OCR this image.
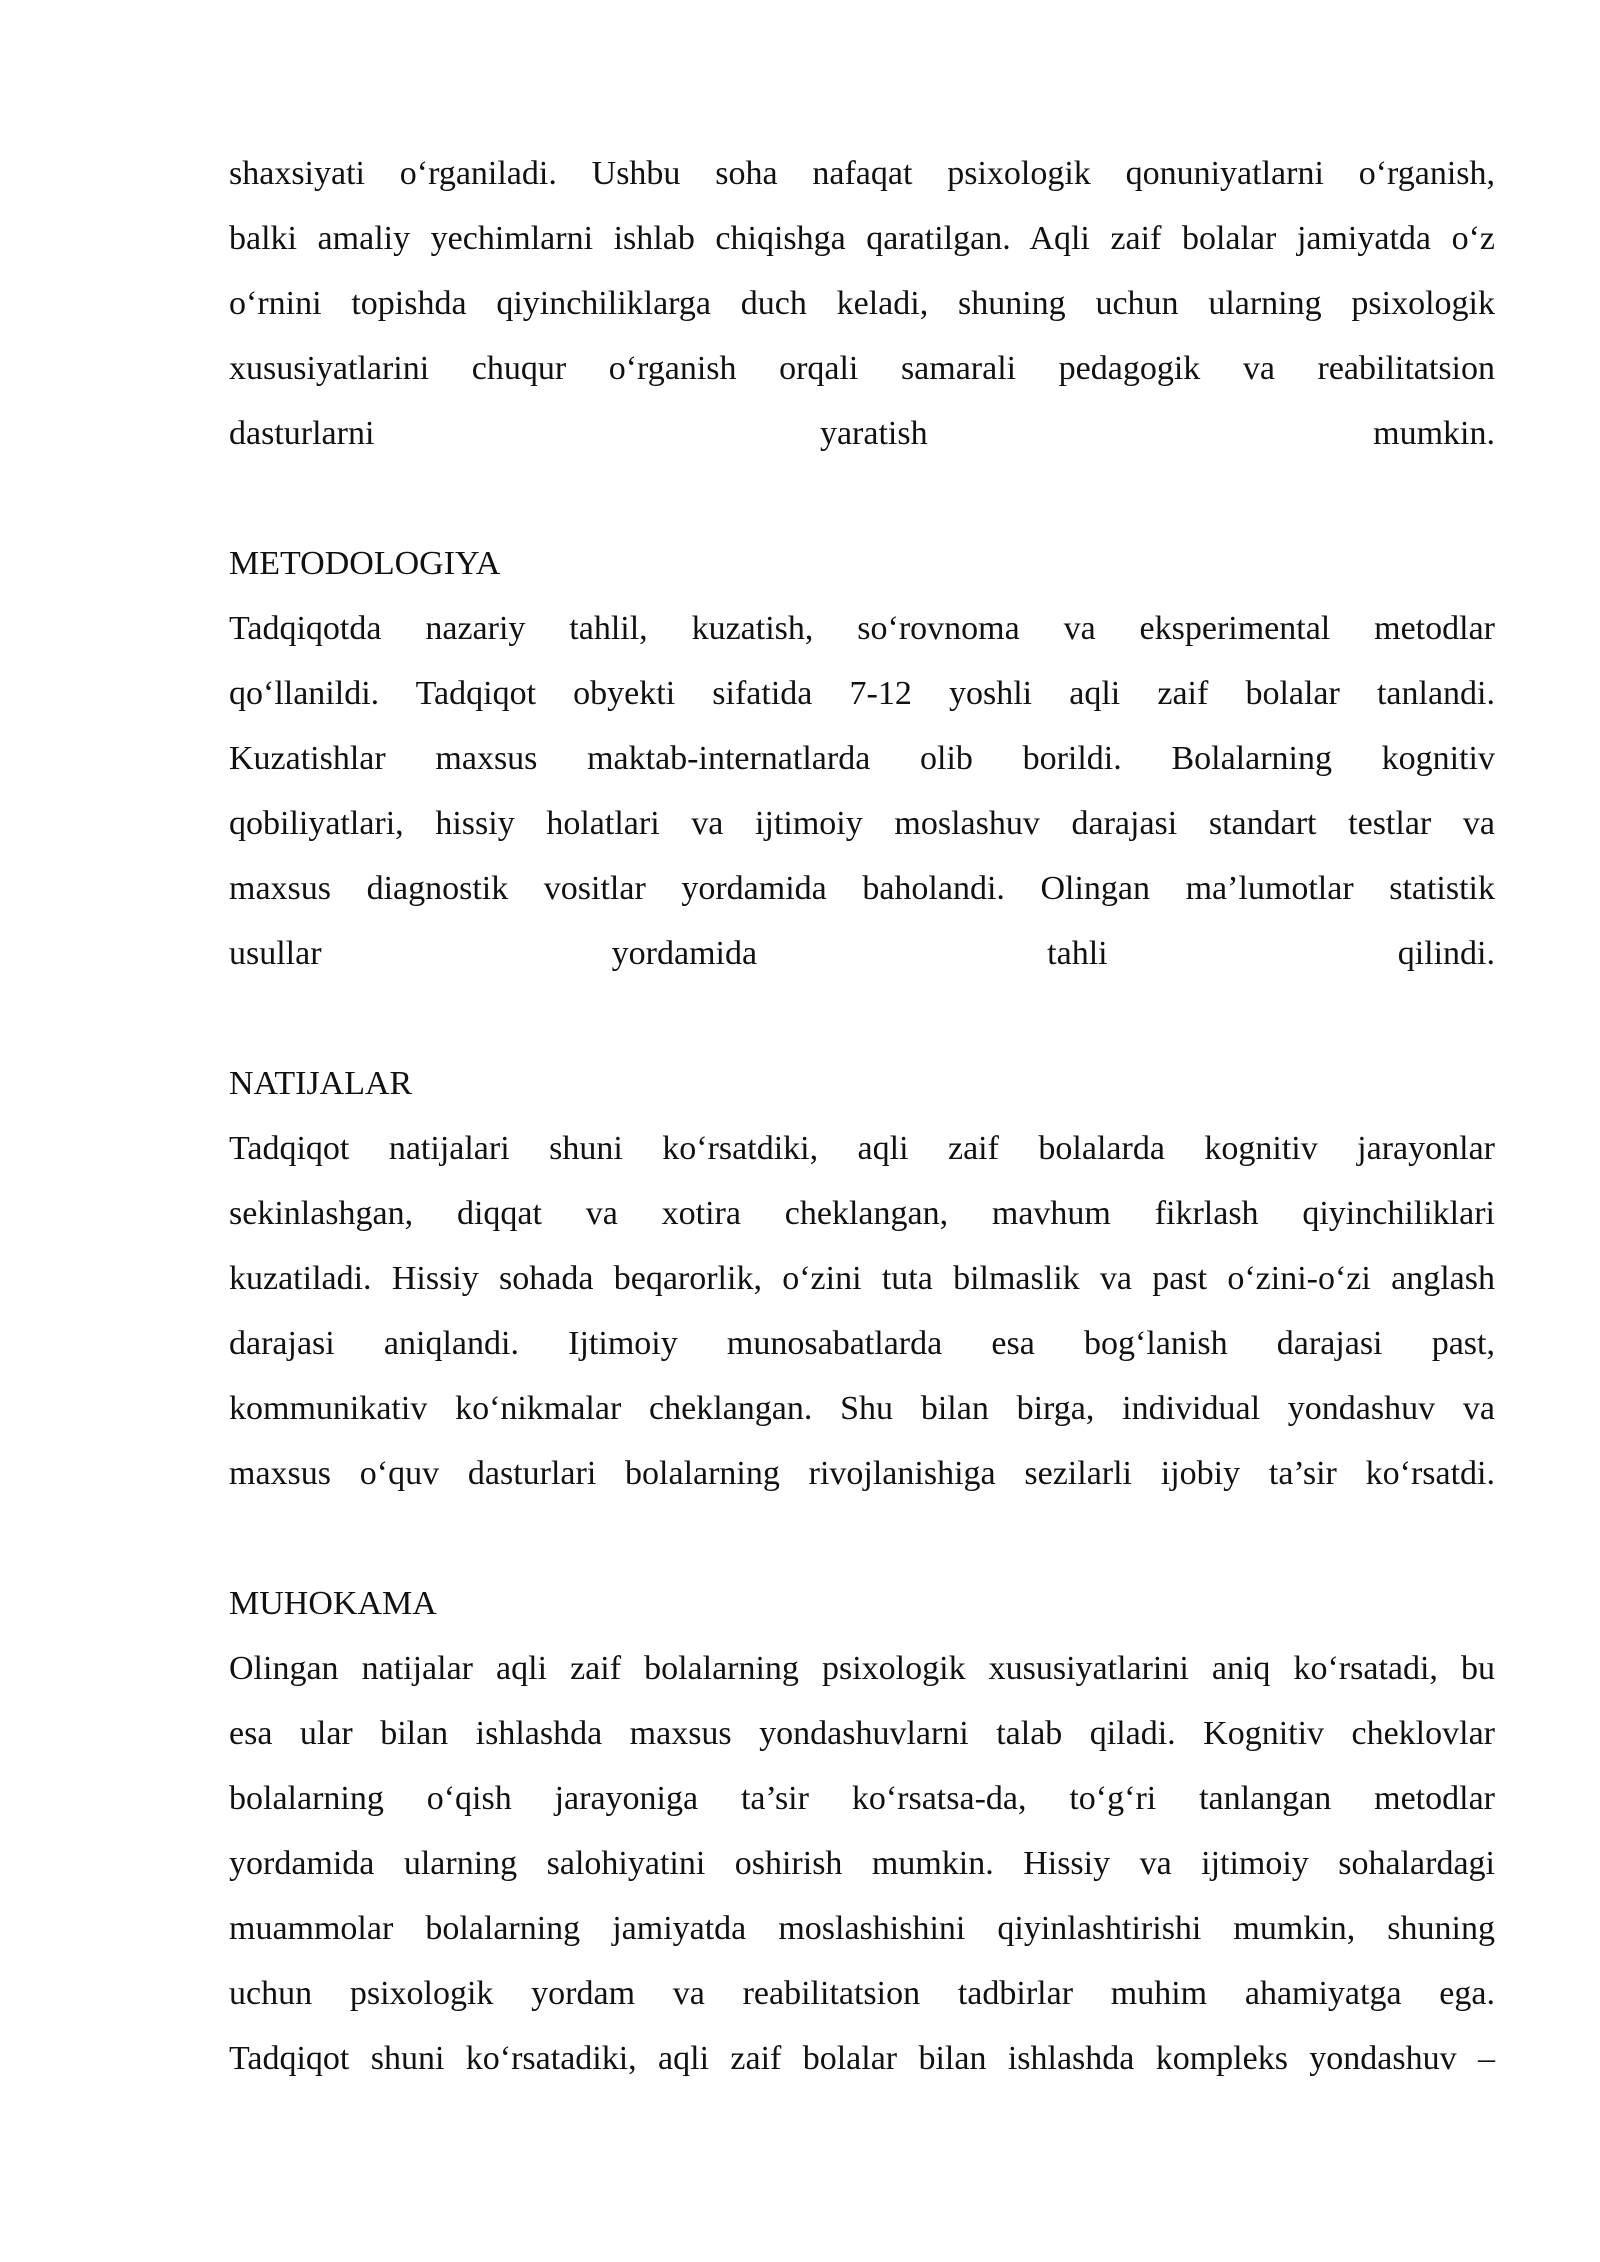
shaxsiyati o‘rganiladi. Ushbu soha nafaqat psixologik qonuniyatlarni o‘rganish,
balki amaliy yechimlarni ishlab chiqishga qaratilgan. Aqli zaif bolalar jamiyatda o‘z
o‘rnini topishda qiyinchiliklarga duch keladi, shuning uchun ularning psixologik
xususiyatlarini chuqur o‘rganish orqali samarali pedagogik va reabilitatsion
dasturlarni yaratish mumkin.
METODOLOGIYA
Tadqiqotda nazariy tahlil, kuzatish, so‘rovnoma va eksperimental metodlar
qo‘llanildi. Tadqiqot obyekti sifatida 7-12 yoshli aqli zaif bolalar tanlandi.
Kuzatishlar maxsus maktab-internatlarda olib borildi. Bolalarning kognitiv
qobiliyatlari, hissiy holatlari va ijtimoiy moslashuv darajasi standart testlar va
maxsus diagnostik vositlar yordamida baholandi. Olingan ma’lumotlar statistik
usullar yordamida tahli qilindi.
NATIJALAR
Tadqiqot natijalari shuni ko‘rsatdiki, aqli zaif bolalarda kognitiv jarayonlar
sekinlashgan, diqqat va xotira cheklangan, mavhum fikrlash qiyinchiliklari
kuzatiladi. Hissiy sohada beqarorlik, o‘zini tuta bilmaslik va past o‘zini-o‘zi anglash
darajasi aniqlandi. Ijtimoiy munosabatlarda esa bog‘lanish darajasi past,
kommunikativ ko‘nikmalar cheklangan. Shu bilan birga, individual yondashuv va
maxsus o‘quv dasturlari bolalarning rivojlanishiga sezilarli ijobiy ta’sir ko‘rsatdi.
MUHOKAMA
Olingan natijalar aqli zaif bolalarning psixologik xususiyatlarini aniq ko‘rsatadi, bu
esa ular bilan ishlashda maxsus yondashuvlarni talab qiladi. Kognitiv cheklovlar
bolalarning o‘qish jarayoniga ta’sir ko‘rsatsa-da, to‘g‘ri tanlangan metodlar
yordamida ularning salohiyatini oshirish mumkin. Hissiy va ijtimoiy sohalardagi
muammolar bolalarning jamiyatda moslashishini qiyinlashtirishi mumkin, shuning
uchun psixologik yordam va reabilitatsion tadbirlar muhim ahamiyatga ega.
Tadqiqot shuni ko‘rsatadiki, aqli zaif bolalar bilan ishlashda kompleks yondashuv –
